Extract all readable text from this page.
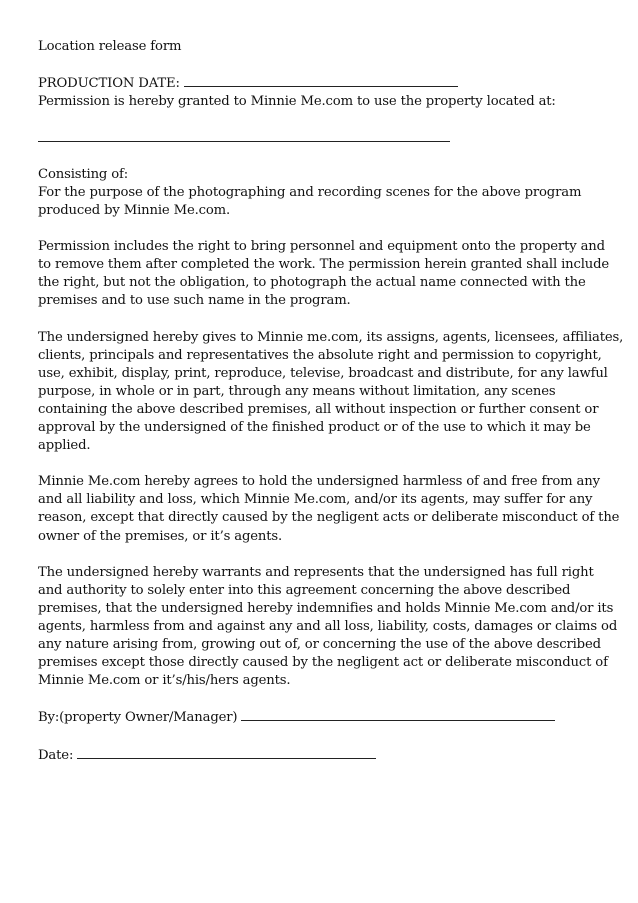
Location release form
PRODUCTION DATE:
Permission is hereby granted to Minnie Me.com to use the property located at:
Consisting of:
For the purpose of the photographing and recording scenes for the above program
produced by Minnie Me.com.
Permission includes the right to bring personnel and equipment onto the property and
to remove them after completed the work. The permission herein granted shall include
the right, but not the obligation, to photograph the actual name connected with the
premises and to use such name in the program.
The undersigned hereby gives to Minnie me.com, its assigns, agents, licensees, affiliates,
clients, principals and representatives the absolute right and permission to copyright,
use, exhibit, display, print, reproduce, televise, broadcast and distribute, for any lawful
purpose, in whole or in part, through any means without limitation, any scenes
containing the above described premises, all without inspection or further consent or
approval by the undersigned of the finished product or of the use to which it may be
applied.
Minnie Me.com hereby agrees to hold the undersigned harmless of and free from any
and all liability and loss, which Minnie Me.com, and/or its agents, may suffer for any
reason, except that directly caused by the negligent acts or deliberate misconduct of the
owner of the premises, or it’s agents.
The undersigned hereby warrants and represents that the undersigned has full right
and authority to solely enter into this agreement concerning the above described
premises, that the undersigned hereby indemnifies and holds Minnie Me.com and/or its
agents, harmless from and against any and all loss, liability, costs, damages or claims od
any nature arising from, growing out of, or concerning the use of the above described
premises except those directly caused by the negligent act or deliberate misconduct of
Minnie Me.com or it’s/his/hers agents.
By:(property Owner/Manager)
Date:
